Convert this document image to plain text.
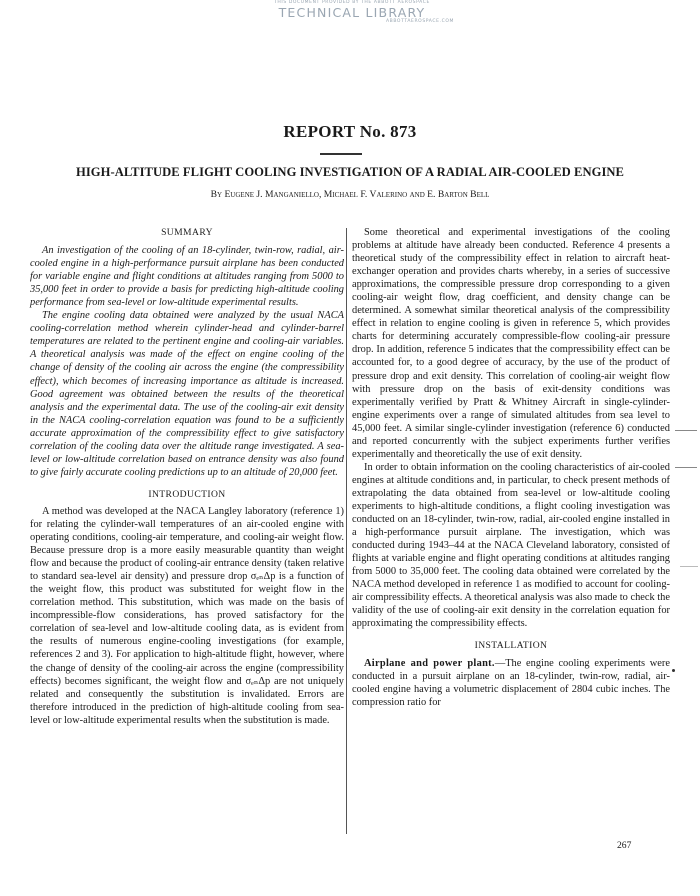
THIS DOCUMENT PROVIDED BY THE ABBOTT AEROSPACE
TECHNICAL LIBRARY
ABBOTTAEROSPACE.COM
REPORT No. 873
HIGH-ALTITUDE FLIGHT COOLING INVESTIGATION OF A RADIAL AIR-COOLED ENGINE
By Eugene J. Manganiello, Michael F. Valerino and E. Barton Bell
SUMMARY

An investigation of the cooling of an 18-cylinder, twin-row, radial, air-cooled engine in a high-performance pursuit airplane has been conducted for variable engine and flight conditions at altitudes ranging from 5000 to 35,000 feet in order to provide a basis for predicting high-altitude cooling performance from sea-level or low-altitude experimental results.

The engine cooling data obtained were analyzed by the usual NACA cooling-correlation method wherein cylinder-head and cylinder-barrel temperatures are related to the pertinent engine and cooling-air variables. A theoretical analysis was made of the effect on engine cooling of the change of density of the cooling air across the engine (the compressibility effect), which becomes of increasing importance as altitude is increased. Good agreement was obtained between the results of the theoretical analysis and the experimental data. The use of the cooling-air exit density in the NACA cooling-correlation equation was found to be a sufficiently accurate approximation of the compressibility effect to give satisfactory correlation of the cooling data over the altitude range investigated. A sea-level or low-altitude correlation based on entrance density was also found to give fairly accurate cooling predictions up to an altitude of 20,000 feet.

INTRODUCTION

A method was developed at the NACA Langley laboratory (reference 1) for relating the cylinder-wall temperatures of an air-cooled engine with operating conditions, cooling-air temperature, and cooling-air weight flow. Because pressure drop is a more easily measurable quantity than weight flow and because the product of cooling-air entrance density (taken relative to standard sea-level air density) and pressure drop σₑₙΔp is a function of the weight flow, this product was substituted for weight flow in the correlation method. This substitution, which was made on the basis of incompressible-flow considerations, has proved satisfactory for the correlation of sea-level and low-altitude cooling data, as is evident from the results of numerous engine-cooling investigations (for example, references 2 and 3). For application to high-altitude flight, however, where the change of density of the cooling-air across the engine (compressibility effects) becomes significant, the weight flow and σₑₙΔp are not uniquely related and consequently the substitution is invalidated. Errors are therefore introduced in the prediction of high-altitude cooling from sea-level or low-altitude experimental results when the substitution is made.

Some theoretical and experimental investigations of the cooling problems at altitude have already been conducted. Reference 4 presents a theoretical study of the compressibility effect in relation to aircraft heat-exchanger operation and provides charts whereby, in a series of successive approximations, the compressible pressure drop corresponding to a given cooling-air weight flow, drag coefficient, and density change can be determined. A somewhat similar theoretical analysis of the compressibility effect in relation to engine cooling is given in reference 5, which provides charts for determining accurately compressible-flow cooling-air pressure drop. In addition, reference 5 indicates that the compressibility effect can be accounted for, to a good degree of accuracy, by the use of the product of pressure drop and exit density. This correlation of cooling-air weight flow with pressure drop on the basis of exit-density conditions was experimentally verified by Pratt & Whitney Aircraft in single-cylinder-engine experiments over a range of simulated altitudes from sea level to 45,000 feet. A similar single-cylinder investigation (reference 6) conducted and reported concurrently with the subject experiments further verifies experimentally and theoretically the use of exit density.

In order to obtain information on the cooling characteristics of air-cooled engines at altitude conditions and, in particular, to check present methods of extrapolating the data obtained from sea-level or low-altitude cooling experiments to high-altitude conditions, a flight cooling investigation was conducted on an 18-cylinder, twin-row, radial, air-cooled engine installed in a high-performance pursuit airplane. The investigation, which was conducted during 1943–44 at the NACA Cleveland laboratory, consisted of flights at variable engine and flight operating conditions at altitudes ranging from 5000 to 35,000 feet. The cooling data obtained were correlated by the NACA method developed in reference 1 as modified to account for cooling-air compressibility effects. A theoretical analysis was also made to check the validity of the use of cooling-air exit density in the correlation equation for approximating the compressibility effects.

INSTALLATION

Airplane and power plant.—The engine cooling experiments were conducted in a pursuit airplane on an 18-cylinder, twin-row, radial, air-cooled engine having a volumetric displacement of 2804 cubic inches. The compression ratio for

267
